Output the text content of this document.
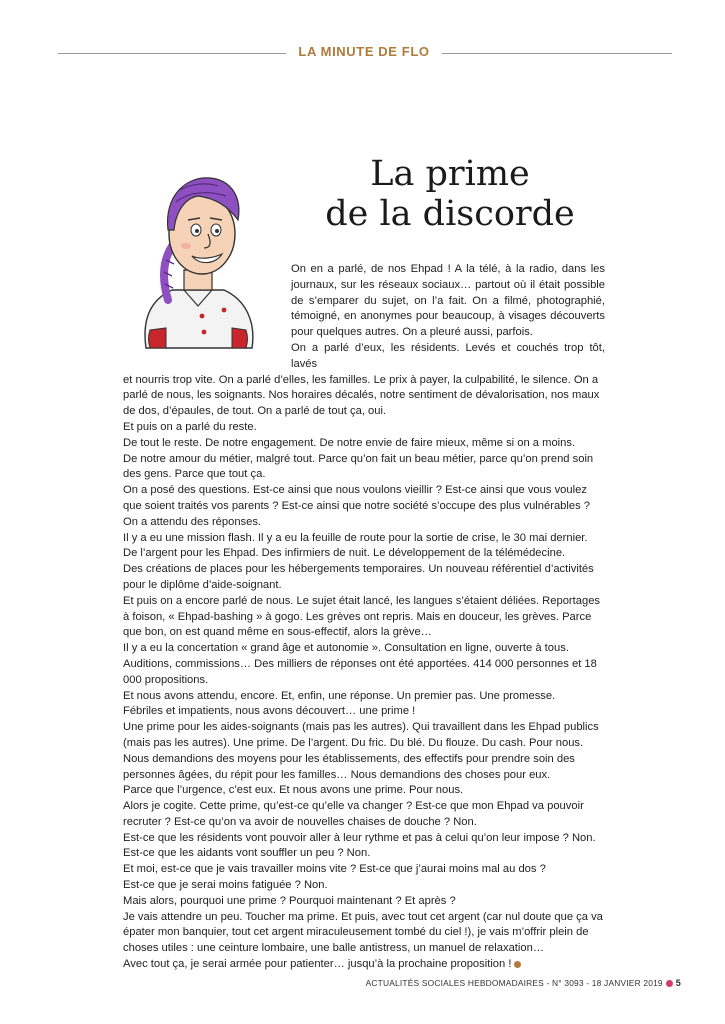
LA MINUTE DE FLO
La prime
de la discorde
On en a parlé, de nos Ehpad ! A la télé, à la radio, dans les
journaux, sur les réseaux sociaux… partout où il était possible
de s’emparer du sujet, on l’a fait. On a filmé, photographié,
témoigné, en anonymes pour beaucoup, à visages découverts
pour quelques autres. On a pleuré aussi, parfois.
On a parlé d’eux, les résidents. Levés et couchés trop tôt, lavés

et nourris trop vite. On a parlé d’elles, les familles. Le prix à payer, la culpabilité, le silence. On a parlé de nous, les soignants. Nos horaires décalés, notre sentiment de dévalorisation, nos maux de dos, d’épaules, de tout. On a parlé de tout ça, oui.

Et puis on a parlé du reste.

De tout le reste. De notre engagement. De notre envie de faire mieux, même si on a moins.

De notre amour du métier, malgré tout. Parce qu’on fait un beau métier, parce qu’on prend soin des gens. Parce que tout ça.

On a posé des questions. Est-ce ainsi que nous voulons vieillir ? Est-ce ainsi que vous voulez que soient traités vos parents ? Est-ce ainsi que notre société s’occupe des plus vulnérables ?

On a attendu des réponses.

Il y a eu une mission flash. Il y a eu la feuille de route pour la sortie de crise, le 30 mai dernier.

De l’argent pour les Ehpad. Des infirmiers de nuit. Le développement de la télémédecine.

Des créations de places pour les hébergements temporaires. Un nouveau référentiel d’activités pour le diplôme d’aide-soignant.

Et puis on a encore parlé de nous. Le sujet était lancé, les langues s’étaient déliées. Reportages à foison, « Ehpad-bashing » à gogo. Les grèves ont repris. Mais en douceur, les grèves. Parce que bon, on est quand même en sous-effectif, alors la grève…

Il y a eu la concertation « grand âge et autonomie ». Consultation en ligne, ouverte à tous.

Auditions, commissions… Des milliers de réponses ont été apportées. 414 000 personnes et 18 000 propositions.

Et nous avons attendu, encore. Et, enfin, une réponse. Un premier pas. Une promesse.

Fébriles et impatients, nous avons découvert… une prime !

Une prime pour les aides-soignants (mais pas les autres). Qui travaillent dans les Ehpad publics (mais pas les autres). Une prime. De l’argent. Du fric. Du blé. Du flouze. Du cash. Pour nous.

Nous demandions des moyens pour les établissements, des effectifs pour prendre soin des personnes âgées, du répit pour les familles… Nous demandions des choses pour eux.

Parce que l’urgence, c’est eux. Et nous avons une prime. Pour nous.

Alors je cogite. Cette prime, qu’est-ce qu’elle va changer ? Est-ce que mon Ehpad va pouvoir recruter ? Est-ce qu’on va avoir de nouvelles chaises de douche ? Non.

Est-ce que les résidents vont pouvoir aller à leur rythme et pas à celui qu’on leur impose ? Non.

Est-ce que les aidants vont souffler un peu ? Non.

Et moi, est-ce que je vais travailler moins vite ? Est-ce que j’aurai moins mal au dos ?

Est-ce que je serai moins fatiguée ? Non.

Mais alors, pourquoi une prime ? Pourquoi maintenant ? Et après ?

Je vais attendre un peu. Toucher ma prime. Et puis, avec tout cet argent (car nul doute que ça va épater mon banquier, tout cet argent miraculeusement tombé du ciel !), je vais m’offrir plein de choses utiles : une ceinture lombaire, une balle antistress, un manuel de relaxation…

Avec tout ça, je serai armée pour patienter… jusqu’à la prochaine proposition !

ACTUALITÉS SOCIALES HEBDOMADAIRES - N° 3093 - 18 JANVIER 2019 5
